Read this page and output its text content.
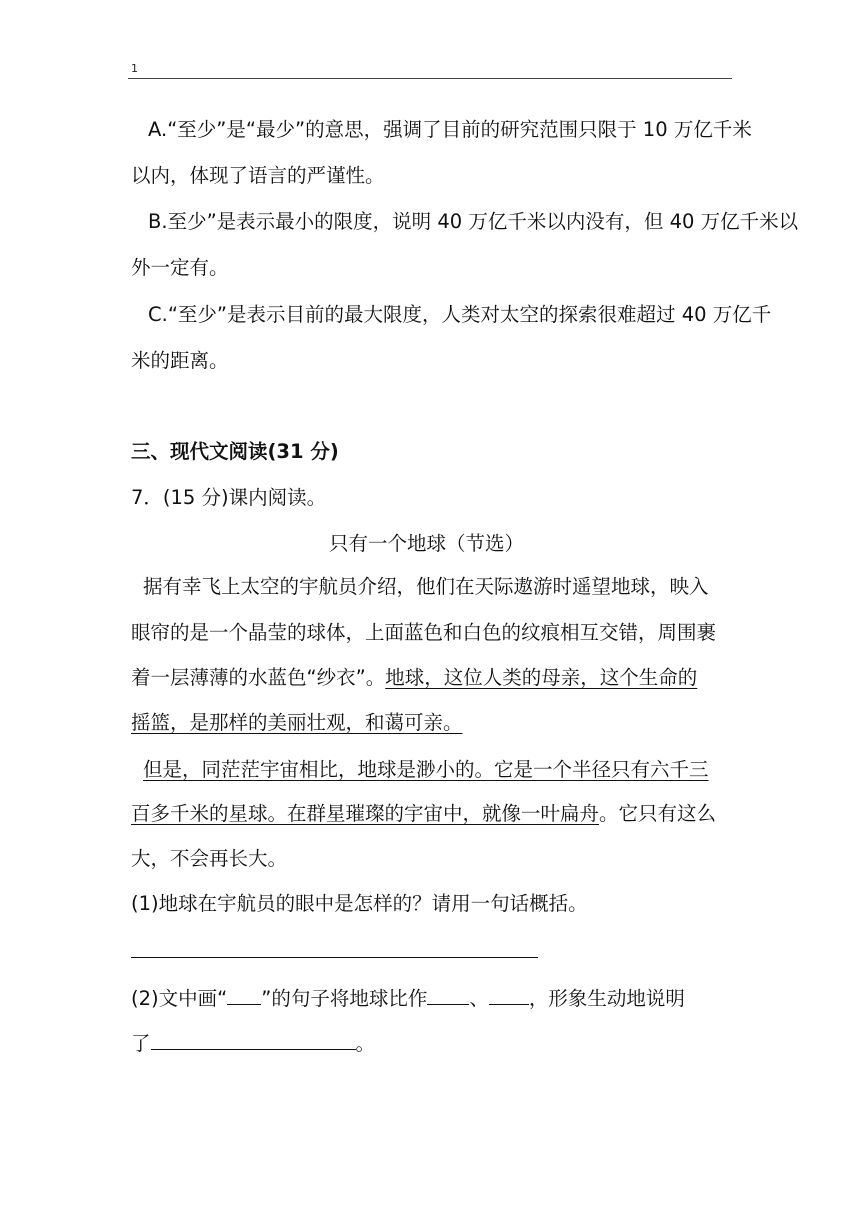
1
A.“至少”是“最少”的意思，强调了目前的研究范围只限于 10 万亿千米
以内，体现了语言的严谨性。
B.至少”是表示最小的限度，说明 40 万亿千米以内没有，但 40 万亿千米以
外一定有。
C.“至少”是表示目前的最大限度，人类对太空的探索很难超过 40 万亿千
米的距离。
三、现代文阅读(31 分)
7．(15 分)课内阅读。
只有一个地球（节选）
据有幸飞上太空的宇航员介绍，他们在天际遨游时遥望地球，映入
眼帘的是一个晶莹的球体，上面蓝色和白色的纹痕相互交错，周围裹
着一层薄薄的水蓝色“纱衣”。地球，这位人类的母亲，这个生命的
摇篮，是那样的美丽壮观，和蔼可亲。
但是，同茫茫宇宙相比，地球是渺小的。它是一个半径只有六千三
百多千米的星球。在群星璀璨的宇宙中，就像一叶扁舟。它只有这么
大，不会再长大。
(1)地球在宇航员的眼中是怎样的？请用一句话概括。
(2)文中画“ ”的句子将地球比作 、 ，形象生动地说明
了	。
